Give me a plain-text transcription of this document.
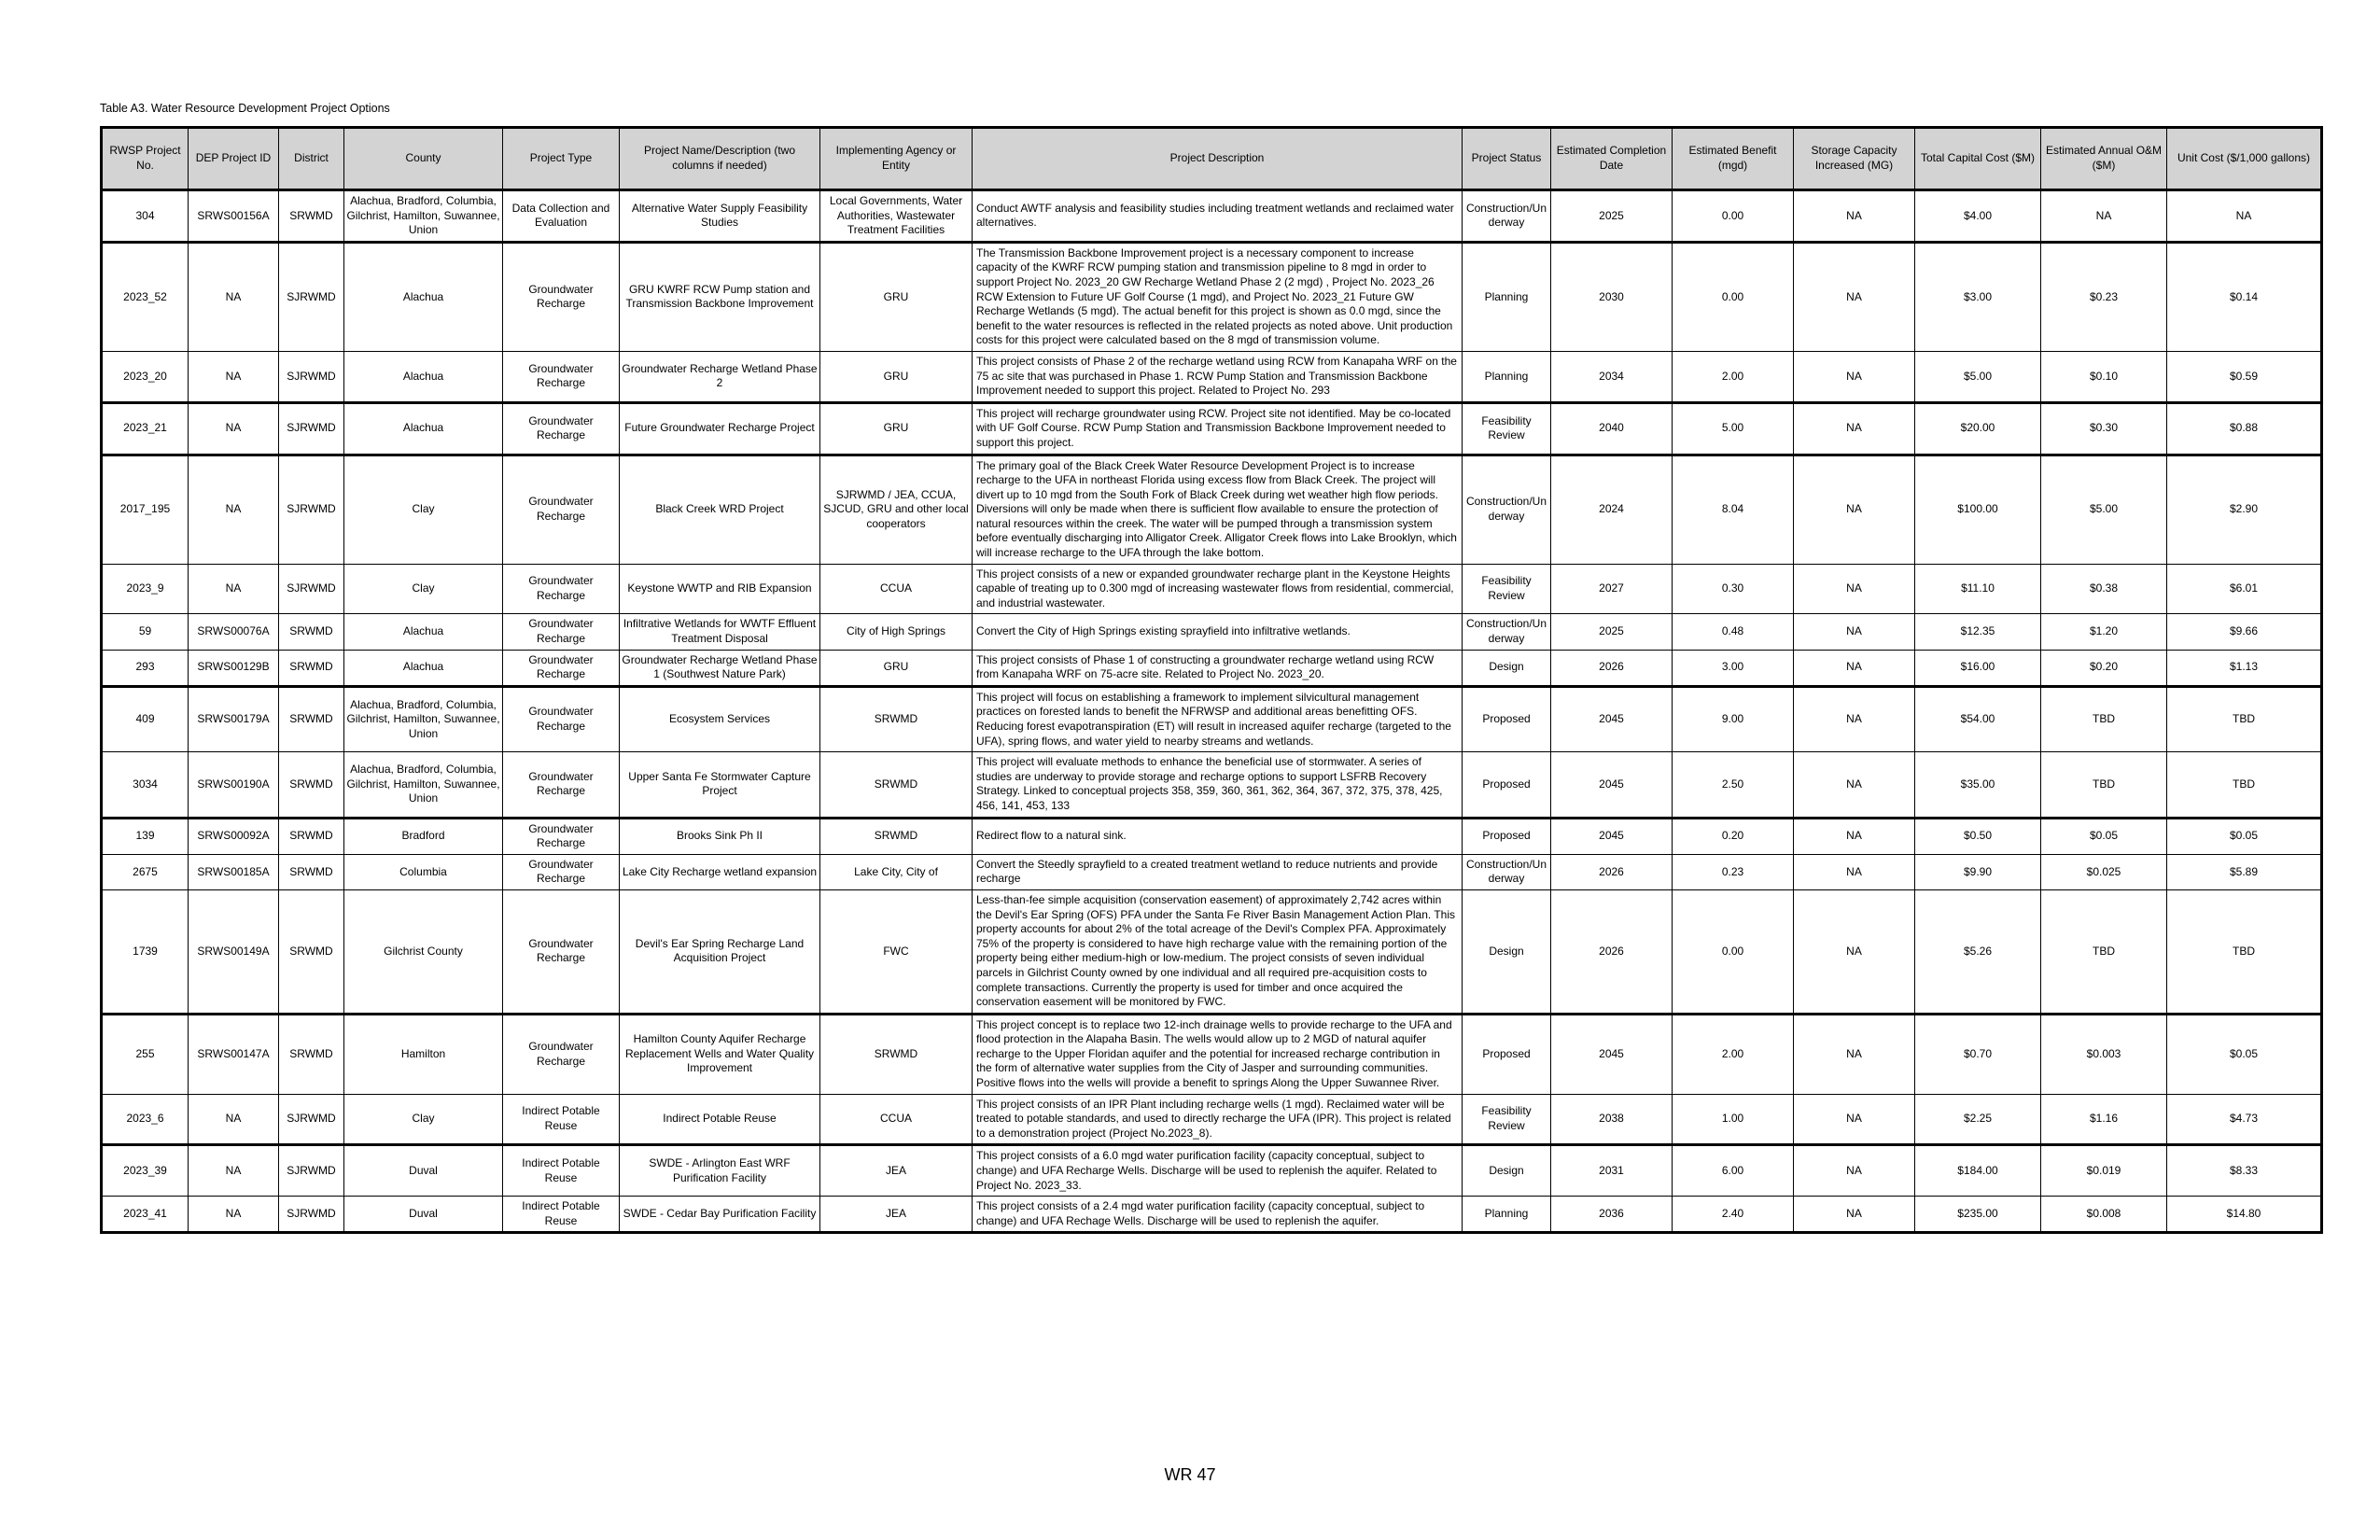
Table A3. Water Resource Development Project Options
RWSP Project No.	DEP Project ID	District	County	Project Type	Project Name/Description (two columns if needed)	Implementing Agency or Entity	Project Description	Project Status	Estimated Completion Date	Estimated Benefit (mgd)	Storage Capacity Increased (MG)	Total Capital Cost ($M)	Estimated Annual O&M ($M)	Unit Cost ($/1,000 gallons)
304	SRWS00156A	SRWMD	Alachua, Bradford, Columbia, Gilchrist, Hamilton, Suwannee, Union	Data Collection and Evaluation	Alternative Water Supply Feasibility Studies	Local Governments, Water Authorities, Wastewater Treatment Facilities	Conduct AWTF analysis and feasibility studies including treatment wetlands and reclaimed water alternatives.	Construction/Underway	2025	0.00	NA	$4.00	NA	NA
2023_52	NA	SJRWMD	Alachua	Groundwater Recharge	GRU KWRF RCW Pump station and Transmission Backbone Improvement	GRU	The Transmission Backbone Improvement project is a necessary component to increase capacity of the KWRF RCW pumping station and transmission pipeline to 8 mgd in order to support Project No. 2023_20 GW Recharge Wetland Phase 2 (2 mgd) , Project No. 2023_26 RCW Extension to Future UF Golf Course (1 mgd), and Project No. 2023_21 Future GW Recharge Wetlands (5 mgd). The actual benefit for this project is shown as 0.0 mgd, since the benefit to the water resources is reflected in the related projects as noted above. Unit production costs for this project were calculated based on the 8 mgd of transmission volume.	Planning	2030	0.00	NA	$3.00	$0.23	$0.14
2023_20	NA	SJRWMD	Alachua	Groundwater Recharge	Groundwater Recharge Wetland Phase 2	GRU	This project consists of Phase 2 of the recharge wetland using RCW from Kanapaha WRF on the 75 ac site that was purchased in Phase 1. RCW Pump Station and Transmission Backbone Improvement needed to support this project. Related to Project No. 293	Planning	2034	2.00	NA	$5.00	$0.10	$0.59
2023_21	NA	SJRWMD	Alachua	Groundwater Recharge	Future Groundwater Recharge Project	GRU	This project will recharge groundwater using RCW. Project site not identified. May be co-located with UF Golf Course. RCW Pump Station and Transmission Backbone Improvement needed to support this project.	Feasibility Review	2040	5.00	NA	$20.00	$0.30	$0.88
2017_195	NA	SJRWMD	Clay	Groundwater Recharge	Black Creek WRD Project	SJRWMD / JEA, CCUA, SJCUD, GRU and other local cooperators	The primary goal of the Black Creek Water Resource Development Project is to increase recharge to the UFA in northeast Florida using excess flow from Black Creek. The project will divert up to 10 mgd from the South Fork of Black Creek during wet weather high flow periods. Diversions will only be made when there is sufficient flow available to ensure the protection of natural resources within the creek. The water will be pumped through a transmission system before eventually discharging into Alligator Creek. Alligator Creek flows into Lake Brooklyn, which will increase recharge to the UFA through the lake bottom.	Construction/Underway	2024	8.04	NA	$100.00	$5.00	$2.90
2023_9	NA	SJRWMD	Clay	Groundwater Recharge	Keystone WWTP and RIB Expansion	CCUA	This project consists of a new or expanded groundwater recharge plant in the Keystone Heights capable of treating up to 0.300 mgd of increasing wastewater flows from residential, commercial, and industrial wastewater.	Feasibility Review	2027	0.30	NA	$11.10	$0.38	$6.01
59	SRWS00076A	SRWMD	Alachua	Groundwater Recharge	Infiltrative Wetlands for WWTF Effluent Treatment Disposal	City of High Springs	Convert the City of High Springs existing sprayfield into infiltrative wetlands.	Construction/Underway	2025	0.48	NA	$12.35	$1.20	$9.66
293	SRWS00129B	SRWMD	Alachua	Groundwater Recharge	Groundwater Recharge Wetland Phase 1 (Southwest Nature Park)	GRU	This project consists of Phase 1 of constructing a groundwater recharge wetland using RCW from Kanapaha WRF on 75-acre site. Related to Project No. 2023_20.	Design	2026	3.00	NA	$16.00	$0.20	$1.13
409	SRWS00179A	SRWMD	Alachua, Bradford, Columbia, Gilchrist, Hamilton, Suwannee, Union	Groundwater Recharge	Ecosystem Services	SRWMD	This project will focus on establishing a framework to implement silvicultural management practices on forested lands to benefit the NFRWSP and additional areas benefitting OFS. Reducing forest evapotranspiration (ET) will result in increased aquifer recharge (targeted to the UFA), spring flows, and water yield to nearby streams and wetlands.	Proposed	2045	9.00	NA	$54.00	TBD	TBD
3034	SRWS00190A	SRWMD	Alachua, Bradford, Columbia, Gilchrist, Hamilton, Suwannee, Union	Groundwater Recharge	Upper Santa Fe Stormwater Capture Project	SRWMD	This project will evaluate methods to enhance the beneficial use of stormwater. A series of studies are underway to provide storage and recharge options to support LSFRB Recovery Strategy. Linked to conceptual projects 358, 359, 360, 361, 362, 364, 367, 372, 375, 378, 425, 456, 141, 453, 133	Proposed	2045	2.50	NA	$35.00	TBD	TBD
139	SRWS00092A	SRWMD	Bradford	Groundwater Recharge	Brooks Sink Ph II	SRWMD	Redirect flow to a natural sink.	Proposed	2045	0.20	NA	$0.50	$0.05	$0.05
2675	SRWS00185A	SRWMD	Columbia	Groundwater Recharge	Lake City Recharge wetland expansion	Lake City, City of	Convert the Steedly sprayfield to a created treatment wetland to reduce nutrients and provide recharge	Construction/Underway	2026	0.23	NA	$9.90	$0.025	$5.89
1739	SRWS00149A	SRWMD	Gilchrist County	Groundwater Recharge	Devil's Ear Spring Recharge Land Acquisition Project	FWC	Less-than-fee simple acquisition (conservation easement) of approximately 2,742 acres within the Devil's Ear Spring (OFS) PFA under the Santa Fe River Basin Management Action Plan. This property accounts for about 2% of the total acreage of the Devil's Complex PFA. Approximately 75% of the property is considered to have high recharge value with the remaining portion of the property being either medium-high or low-medium. The project consists of seven individual parcels in Gilchrist County owned by one individual and all required pre-acquisition costs to complete transactions. Currently the property is used for timber and once acquired the conservation easement will be monitored by FWC.	Design	2026	0.00	NA	$5.26	TBD	TBD
255	SRWS00147A	SRWMD	Hamilton	Groundwater Recharge	Hamilton County Aquifer Recharge Replacement Wells and Water Quality Improvement	SRWMD	This project concept is to replace two 12-inch drainage wells to provide recharge to the UFA and flood protection in the Alapaha Basin. The wells would allow up to 2 MGD of natural aquifer recharge to the Upper Floridan aquifer and the potential for increased recharge contribution in the form of alternative water supplies from the City of Jasper and surrounding communities. Positive flows into the wells will provide a benefit to springs Along the Upper Suwannee River.	Proposed	2045	2.00	NA	$0.70	$0.003	$0.05
2023_6	NA	SJRWMD	Clay	Indirect Potable Reuse	Indirect Potable Reuse	CCUA	This project consists of an IPR Plant including recharge wells (1 mgd). Reclaimed water will be treated to potable standards, and used to directly recharge the UFA (IPR). This project is related to a demonstration project (Project No.2023_8).	Feasibility Review	2038	1.00	NA	$2.25	$1.16	$4.73
2023_39	NA	SJRWMD	Duval	Indirect Potable Reuse	SWDE - Arlington East WRF Purification Facility	JEA	This project consists of a 6.0 mgd water purification facility (capacity conceptual, subject to change) and UFA Recharge Wells. Discharge will be used to replenish the aquifer. Related to Project No. 2023_33.	Design	2031	6.00	NA	$184.00	$0.019	$8.33
2023_41	NA	SJRWMD	Duval	Indirect Potable Reuse	SWDE - Cedar Bay Purification Facility	JEA	This project consists of a 2.4 mgd water purification facility (capacity conceptual, subject to change) and UFA Rechage Wells. Discharge will be used to replenish the aquifer.	Planning	2036	2.40	NA	$235.00	$0.008	$14.80
WR 47
